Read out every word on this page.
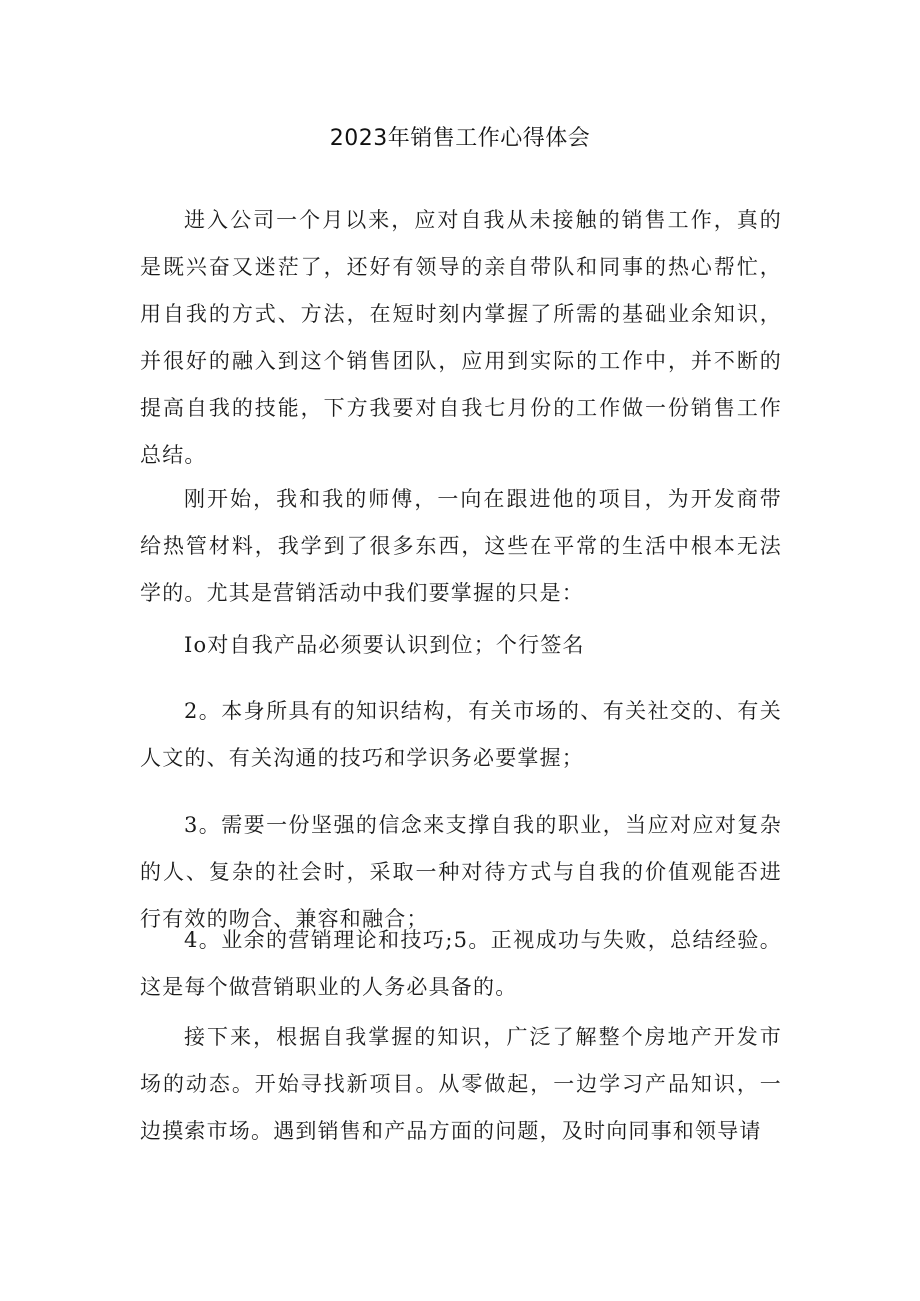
2023年销售工作心得体会

进入公司一个月以来，应对自我从未接触的销售工作，真的是既兴奋又迷茫了，还好有领导的亲自带队和同事的热心帮忙，用自我的方式、方法，在短时刻内掌握了所需的基础业余知识，并很好的融入到这个销售团队，应用到实际的工作中，并不断的提高自我的技能，下方我要对自我七月份的工作做一份销售工作总结。

刚开始，我和我的师傅，一向在跟进他的项目，为开发商带给热管材料，我学到了很多东西，这些在平常的生活中根本无法学的。尤其是营销活动中我们要掌握的只是：

Io对自我产品必须要认识到位；个行签名

2。本身所具有的知识结构，有关市场的、有关社交的、有关人文的、有关沟通的技巧和学识务必要掌握；

3。需要一份坚强的信念来支撑自我的职业，当应对应对复杂的人、复杂的社会时，采取一种对待方式与自我的价值观能否进行有效的吻合、兼容和融合；

4。业余的营销理论和技巧;5。正视成功与失败，总结经验。这是每个做营销职业的人务必具备的。

接下来，根据自我掌握的知识，广泛了解整个房地产开发市场的动态。开始寻找新项目。从零做起，一边学习产品知识，一边摸索市场。遇到销售和产品方面的问题，及时向同事和领导请
